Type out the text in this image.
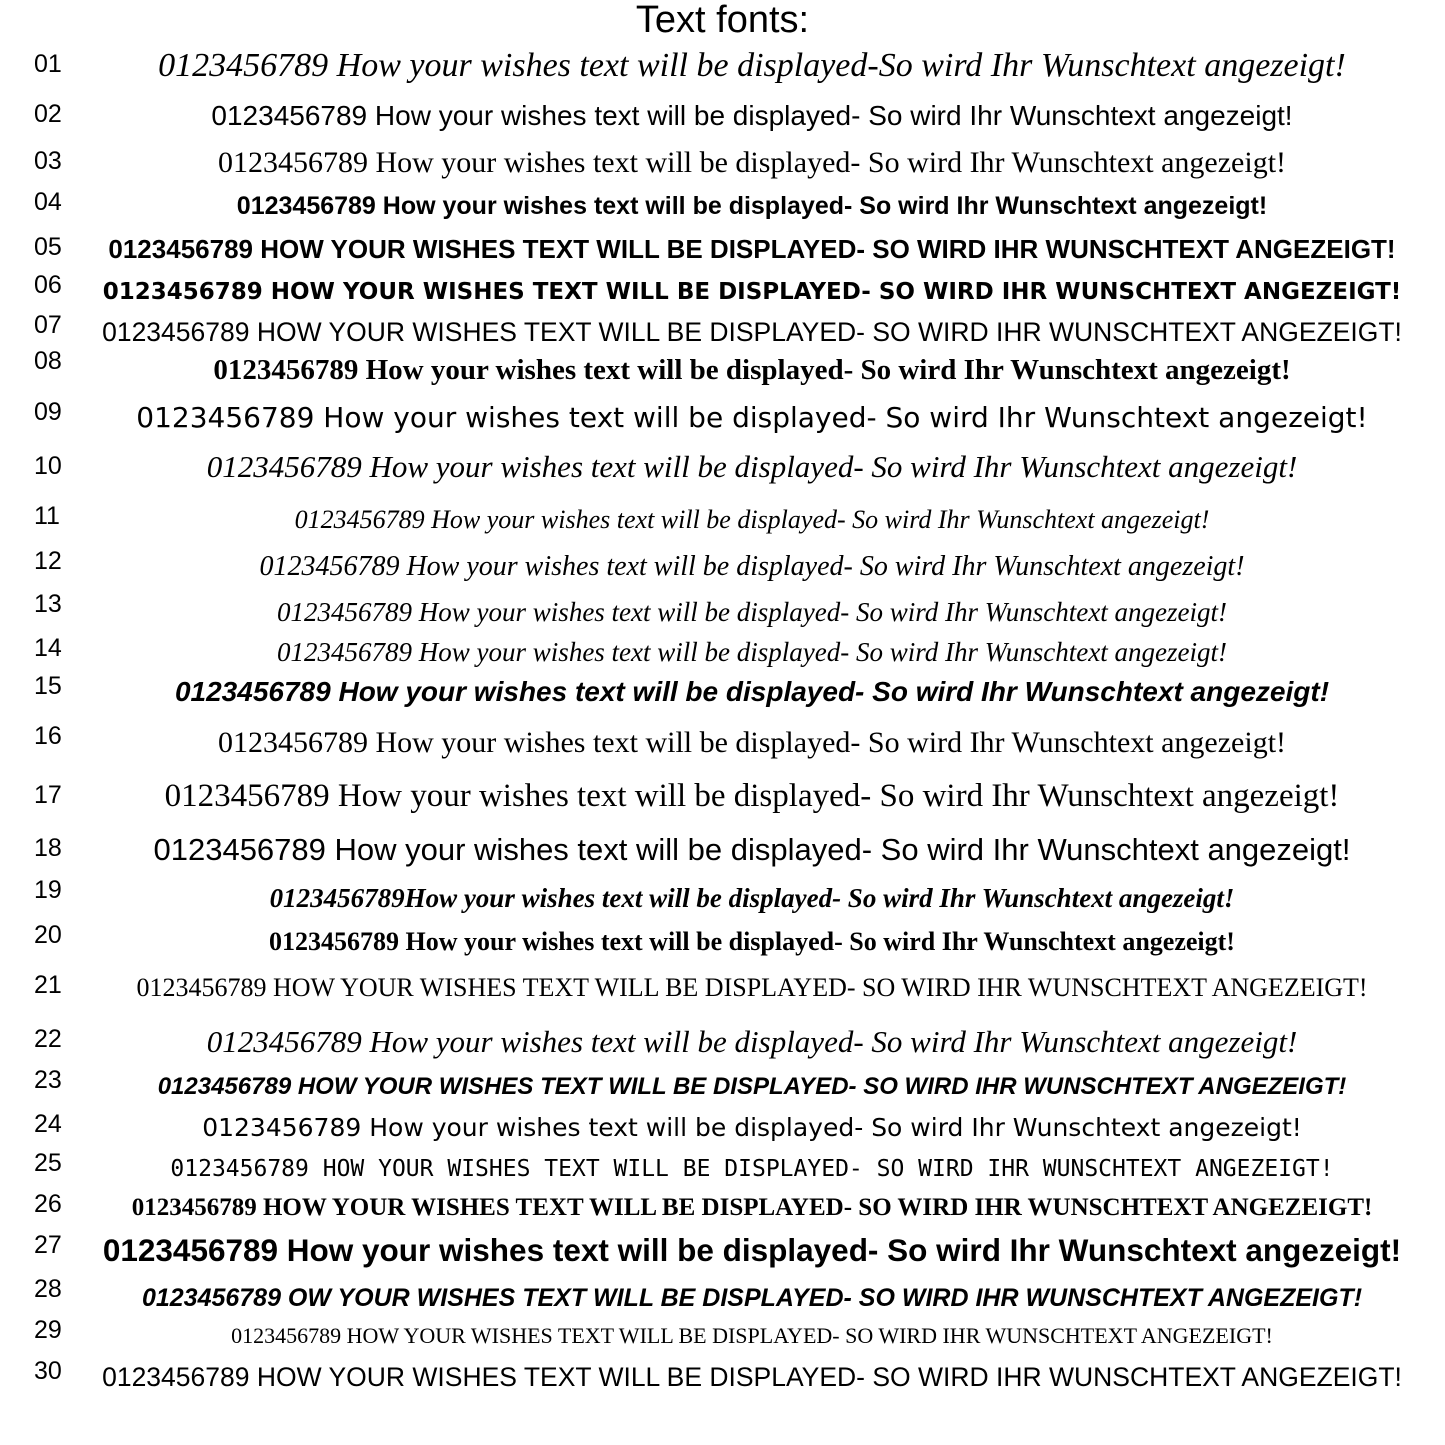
Text fonts:
01	0123456789 How your wishes text will be displayed-So wird Ihr Wunschtext angezeigt!
02	0123456789 How your wishes text will be displayed- So wird Ihr Wunschtext angezeigt!
03	0123456789 How your wishes text will be displayed- So wird Ihr Wunschtext angezeigt!
04	0123456789 How your wishes text will be displayed- So wird Ihr Wunschtext angezeigt!
05	0123456789 HOW YOUR WISHES TEXT WILL BE DISPLAYED- SO WIRD IHR WUNSCHTEXT ANGEZEIGT!
06	0123456789 HOW YOUR WISHES TEXT WILL BE DISPLAYED- SO WIRD IHR WUNSCHTEXT ANGEZEIGT!
07	0123456789 HOW YOUR WISHES TEXT WILL BE DISPLAYED- SO WIRD IHR WUNSCHTEXT ANGEZEIGT!
08	0123456789 How your wishes text will be displayed- So wird Ihr Wunschtext angezeigt!
09	0123456789 How your wishes text will be displayed- So wird Ihr Wunschtext angezeigt!
10	0123456789 How your wishes text will be displayed- So wird Ihr Wunschtext angezeigt!
11	0123456789 How your wishes text will be displayed- So wird Ihr Wunschtext angezeigt!
12	0123456789 How your wishes text will be displayed- So wird Ihr Wunschtext angezeigt!
13	0123456789 How your wishes text will be displayed- So wird Ihr Wunschtext angezeigt!
14	0123456789 How your wishes text will be displayed- So wird Ihr Wunschtext angezeigt!
15	0123456789 How your wishes text will be displayed- So wird Ihr Wunschtext angezeigt!
16	0123456789 How your wishes text will be displayed- So wird Ihr Wunschtext angezeigt!
17	0123456789 How your wishes text will be displayed- So wird Ihr Wunschtext angezeigt!
18	0123456789 How your wishes text will be displayed- So wird Ihr Wunschtext angezeigt!
19	0123456789How your wishes text will be displayed- So wird Ihr Wunschtext angezeigt!
20	0123456789 How your wishes text will be displayed- So wird Ihr Wunschtext angezeigt!
21	0123456789 HOW YOUR WISHES TEXT WILL BE DISPLAYED- SO WIRD IHR WUNSCHTEXT ANGEZEIGT!
22	0123456789 How your wishes text will be displayed- So wird Ihr Wunschtext angezeigt!
23	0123456789 HOW YOUR WISHES TEXT WILL BE DISPLAYED- SO WIRD IHR WUNSCHTEXT ANGEZEIGT!
24	0123456789 How your wishes text will be displayed- So wird Ihr Wunschtext angezeigt!
25	0123456789 HOW YOUR WISHES TEXT WILL BE DISPLAYED- SO WIRD IHR WUNSCHTEXT ANGEZEIGT!
26	0123456789 HOW YOUR WISHES TEXT WILL BE DISPLAYED- SO WIRD IHR WUNSCHTEXT ANGEZEIGT!
27	0123456789 How your wishes text will be displayed- So wird Ihr Wunschtext angezeigt!
28	0123456789 OW YOUR WISHES TEXT WILL BE DISPLAYED- SO WIRD IHR WUNSCHTEXT ANGEZEIGT!
29	0123456789 HOW YOUR WISHES TEXT WILL BE DISPLAYED- SO WIRD IHR WUNSCHTEXT ANGEZEIGT!
30	0123456789 HOW YOUR WISHES TEXT WILL BE DISPLAYED- SO WIRD IHR WUNSCHTEXT ANGEZEIGT!
